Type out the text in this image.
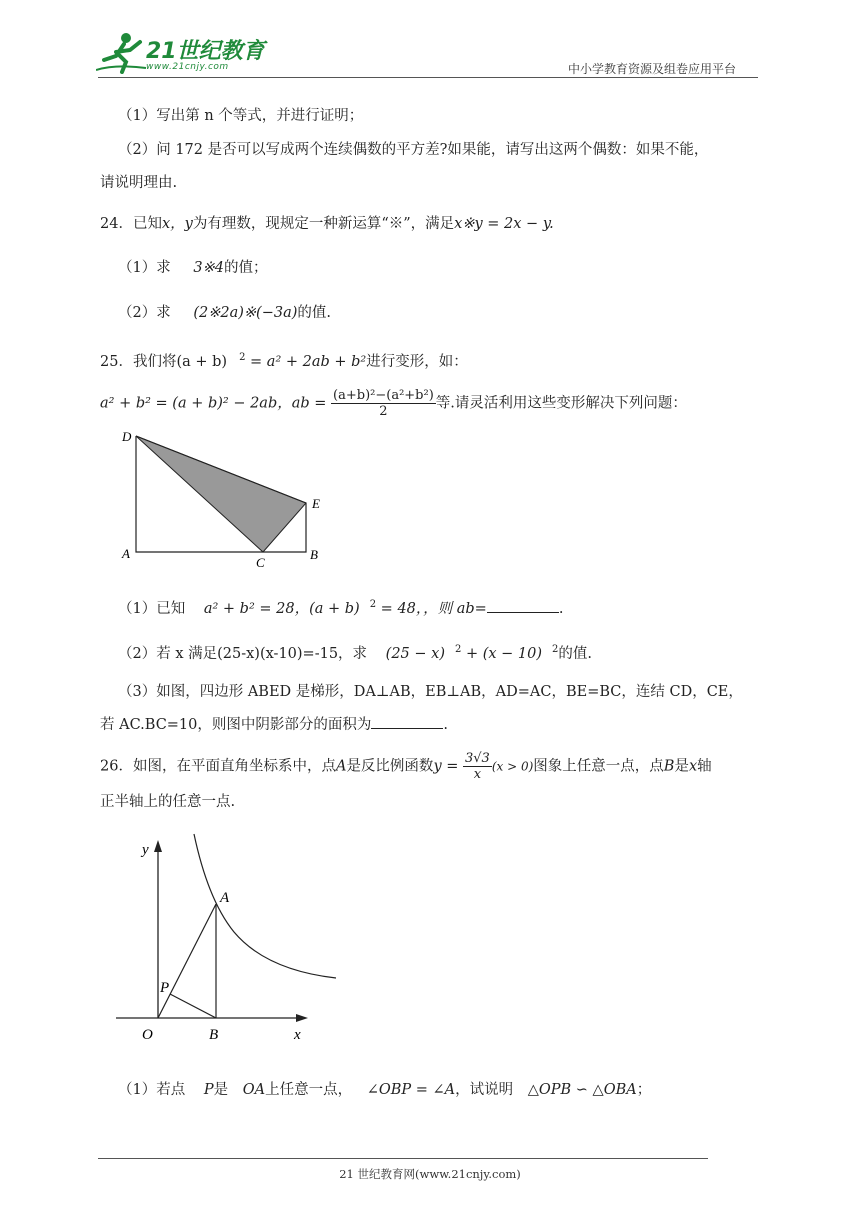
21世纪教育
www.21cnjy.com	中小学教育资源及组卷应用平台
（1）写出第 n 个等式，并进行证明；
（2）问 172 是否可以写成两个连续偶数的平方差?如果能，请写出这两个偶数：如果不能，
请说明理由.
24．已知x，y为有理数，现规定一种新运算“※”，满足x※y = 2x − y.
（1）求 3※4的值；
（2）求 (2※2a)※(−3a)的值.
25．我们将(a + b) $^2$ = a² + 2ab + b²进行变形，如：
a² + b² = (a + b)² − 2ab，ab = $\frac{\text{(a+b)²−(a²+b²)}}{2}$ 等.请灵活利用这些变形解决下列问题：
D
E
A
C
B
（1）已知 a² + b² = 28，(a + b) $^2$ = 48，，则 ab=	.
（2）若 x 满足(25-x)(x-10)=-15，求 (25 − x) $^2$ + (x − 10) $^2$的值.
（3）如图，四边形 ABED 是梯形，DA⊥AB，EB⊥AB，AD=AC，BE=BC，连结 CD，CE，
若 AC.BC=10，则图中阴影部分的面积为	.
26．如图，在平面直角坐标系中，点A是反比例函数$y = \frac{3√3}{x} (x > 0)$图象上任意一点，点B是x轴
正半轴上的任意一点.
y
A
P
O	B	x
（1）若点 P是 OA上任意一点， ∠OBP = ∠A，试说明 △OPB ∽ △OBA；
21 世纪教育网(www.21cnjy.com)
